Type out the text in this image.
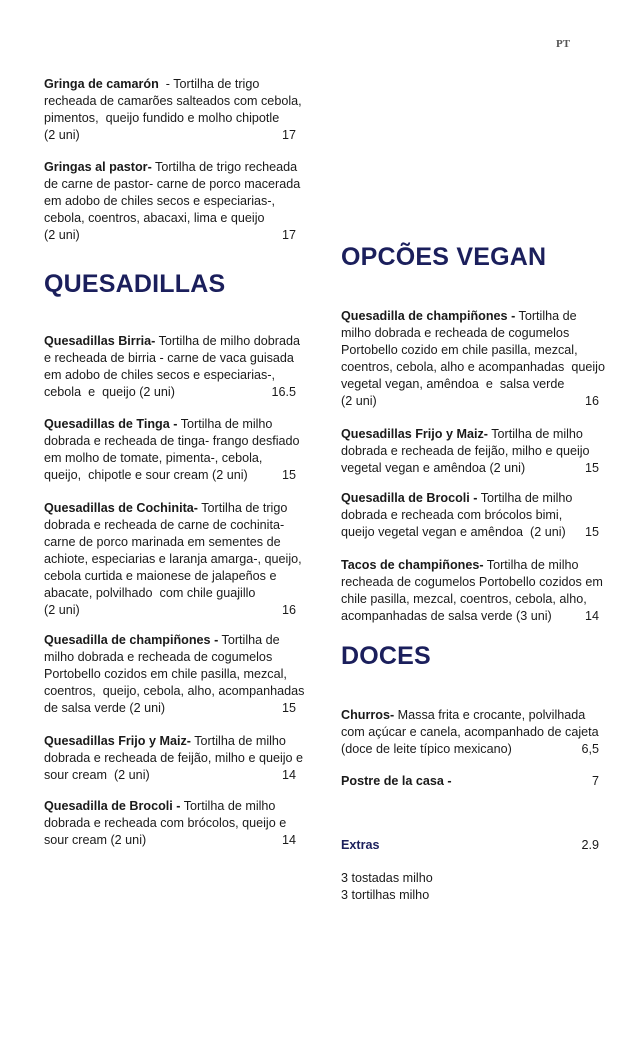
PT
QUESADILLAS
OPCÕES VEGAN
DOCES
Gringa de camarón  - Tortilha de trigo
recheada de camarões salteados com cebola,
pimentos,  queijo fundido e molho chipotle
(2 uni)	17
Gringas al pastor- Tortilha de trigo recheada
de carne de pastor- carne de porco macerada
em adobo de chiles secos e especiarias-,
cebola, coentros, abacaxi, lima e queijo
(2 uni)	17
Quesadillas Birria- Tortilha de milho dobrada
e recheada de birria - carne de vaca guisada
em adobo de chiles secos e especiarias-,
cebola  e  queijo (2 uni)	16.5
Quesadillas de Tinga - Tortilha de milho
dobrada e recheada de tinga- frango desfiado
em molho de tomate, pimenta-, cebola,
queijo,  chipotle e sour cream (2 uni)	15
Quesadillas de Cochinita- Tortilha de trigo
dobrada e recheada de carne de cochinita-
carne de porco marinada em sementes de
achiote, especiarias e laranja amarga-, queijo,
cebola curtida e maionese de jalapeños e
abacate, polvilhado  com chile guajillo
(2 uni)	16
Quesadilla de champiñones - Tortilha de
milho dobrada e recheada de cogumelos
Portobello cozidos em chile pasilla, mezcal,
coentros,  queijo, cebola, alho, acompanhadas
de salsa verde (2 uni)	15
Quesadillas Frijo y Maiz- Tortilha de milho
dobrada e recheada de feijão, milho e queijo e
sour cream  (2 uni)	14
Quesadilla de Brocoli - Tortilha de milho
dobrada e recheada com brócolos, queijo e
sour cream (2 uni)	14
Quesadilla de champiñones - Tortilha de
milho dobrada e recheada de cogumelos
Portobello cozido em chile pasilla, mezcal,
coentros, cebola, alho e acompanhadas  queijo
vegetal vegan, amêndoa  e  salsa verde
(2 uni)	16
Quesadillas Frijo y Maiz- Tortilha de milho
dobrada e recheada de feijão, milho e queijo
vegetal vegan e amêndoa (2 uni)	15
Quesadilla de Brocoli - Tortilha de milho
dobrada e recheada com brócolos bimi,
queijo vegetal vegan e amêndoa  (2 uni) 15
Tacos de champiñones- Tortilha de milho
recheada de cogumelos Portobello cozidos em
chile pasilla, mezcal, coentros, cebola, alho,
acompanhadas de salsa verde (3 uni)	14
Churros- Massa frita e crocante, polvilhada
com açúcar e canela, acompanhado de cajeta
(doce de leite típico mexicano)	6,5
Postre de la casa -	7
Extras	2.9
3 tostadas milho
3 tortilhas milho
